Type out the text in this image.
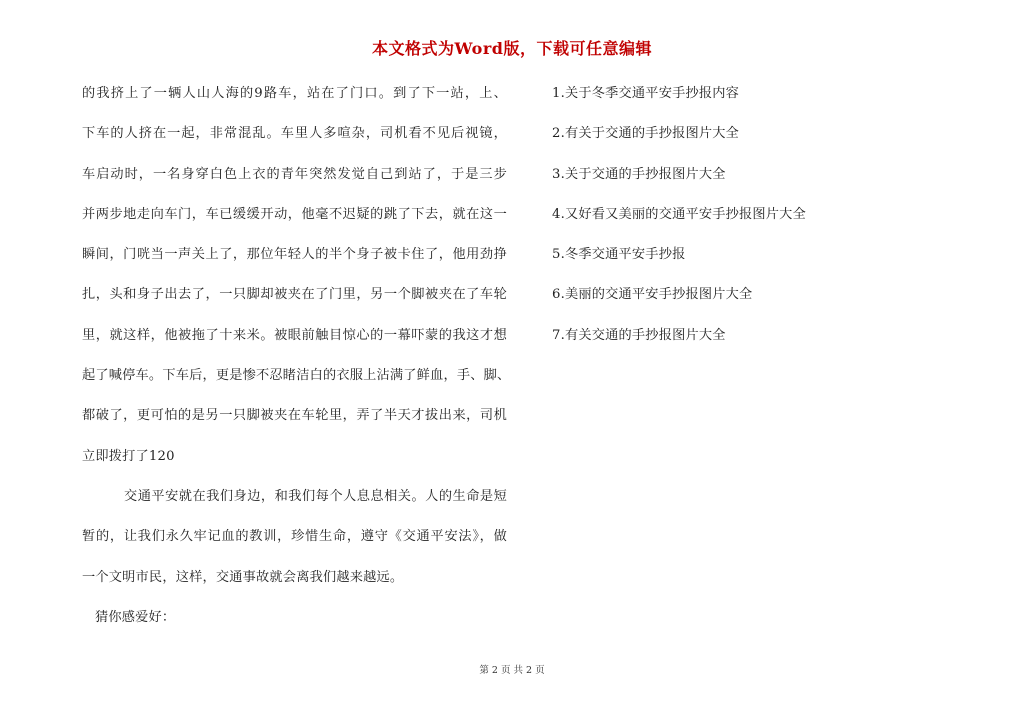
本文格式为Word版，下载可任意编辑
的我挤上了一辆人山人海的9路车，站在了门口。到了下一站，上、
下车的人挤在一起，非常混乱。车里人多喧杂，司机看不见后视镜，
车启动时，一名身穿白色上衣的青年突然发觉自己到站了，于是三步
并两步地走向车门，车已缓缓开动，他毫不迟疑的跳了下去，就在这一
瞬间，门咣当一声关上了，那位年轻人的半个身子被卡住了，他用劲挣
扎，头和身子出去了，一只脚却被夹在了门里，另一个脚被夹在了车轮
里，就这样，他被拖了十来米。被眼前触目惊心的一幕吓蒙的我这才想
起了喊停车。下车后，更是惨不忍睹洁白的衣服上沾满了鲜血，手、脚、
都破了，更可怕的是另一只脚被夹在车轮里，弄了半天才拔出来，司机
立即拨打了120
交通平安就在我们身边，和我们每个人息息相关。人的生命是短
暂的，让我们永久牢记血的教训，珍惜生命，遵守《交通平安法》，做
一个文明市民，这样，交通事故就会离我们越来越远。
猜你感爱好：
1.关于冬季交通平安手抄报内容
2.有关于交通的手抄报图片大全
3.关于交通的手抄报图片大全
4.又好看又美丽的交通平安手抄报图片大全
5.冬季交通平安手抄报
6.美丽的交通平安手抄报图片大全
7.有关交通的手抄报图片大全
第 2 页 共 2 页
